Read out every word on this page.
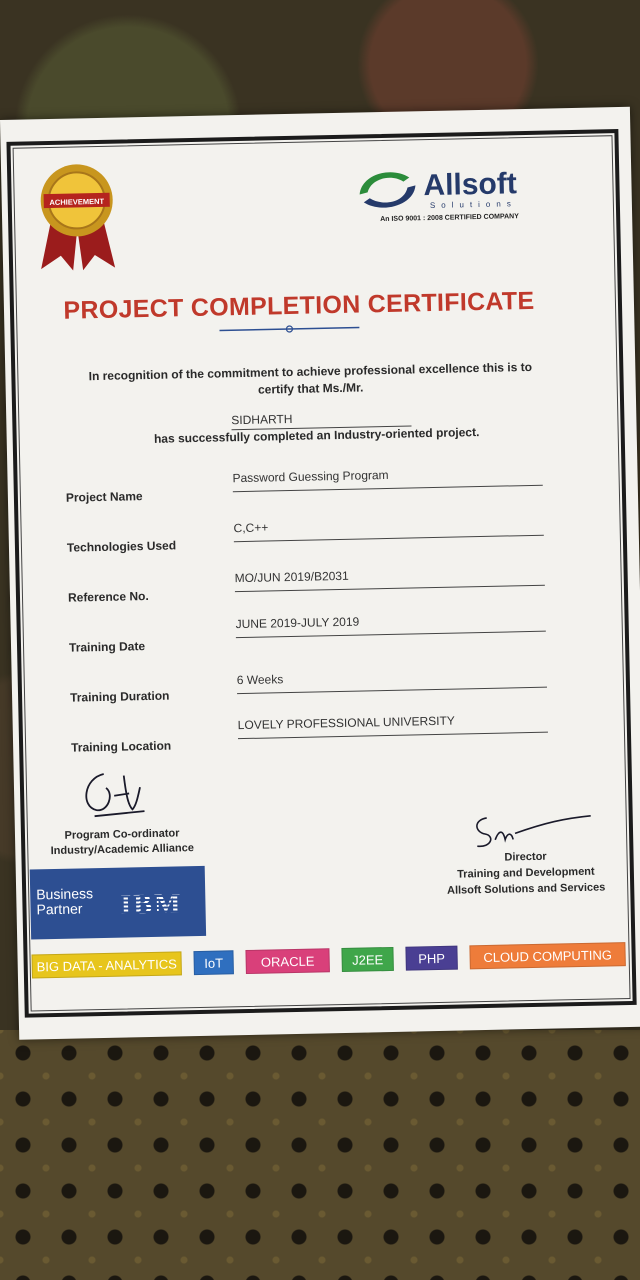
ACHIEVEMENT	Allsoft
Solutions
An ISO 9001 : 2008 CERTIFIED COMPANY
PROJECT COMPLETION CERTIFICATE
In recognition of the commitment to achieve professional excellence this is to certify that Ms./Mr.
SIDHARTH
has successfully completed an Industry-oriented project.
Project Name
Password Guessing Program
Technologies Used
C,C++
Reference No.
MO/JUN 2019/B2031
Training Date
JUNE 2019-JULY 2019
Training Duration
6 Weeks
Training Location
LOVELY PROFESSIONAL UNIVERSITY
Program Co-ordinator
Industry/Academic Alliance
Director
Training and Development
Allsoft Solutions and Services
Business
Partner	IBM
BIG DATA - ANALYTICS	IoT	ORACLE	J2EE	PHP	CLOUD COMPUTING
